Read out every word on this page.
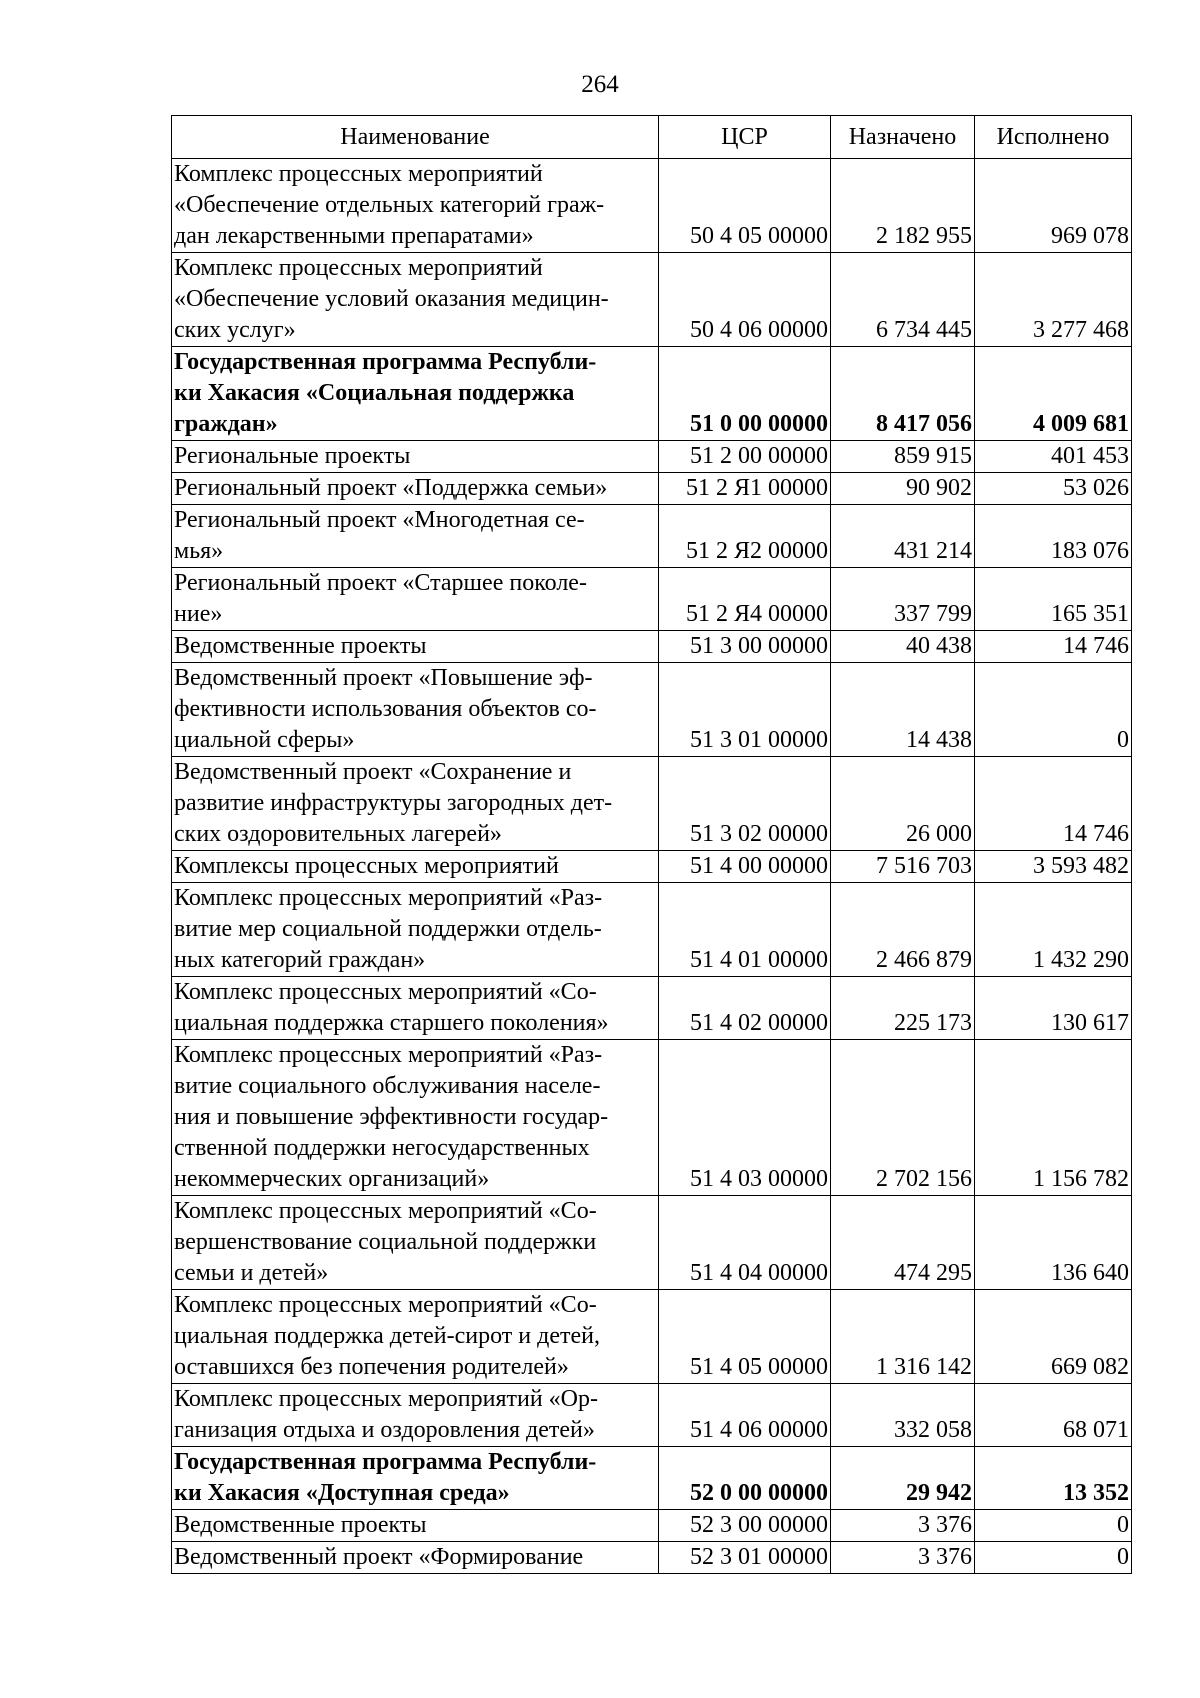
264
Наименование	ЦСР	Назначено	Исполнено

Комплекс процессных мероприятий
«Обеспечение отдельных категорий граж-
дан лекарственными препаратами»	50 4 05 00000	2 182 955	969 078

Комплекс процессных мероприятий
«Обеспечение условий оказания медицин-
ских услуг»	50 4 06 00000	6 734 445	3 277 468

Государственная программа Республи-
ки Хакасия «Социальная поддержка
граждан»	51 0 00 00000	8 417 056	4 009 681

Региональные проекты	51 2 00 00000	859 915	401 453

Региональный проект «Поддержка семьи»	51 2 Я1 00000	90 902	53 026

Региональный проект «Многодетная се-
мья»	51 2 Я2 00000	431 214	183 076

Региональный проект «Старшее поколе-
ние»	51 2 Я4 00000	337 799	165 351

Ведомственные проекты	51 3 00 00000	40 438	14 746

Ведомственный проект «Повышение эф-
фективности использования объектов со-
циальной сферы»	51 3 01 00000	14 438	0

Ведомственный проект «Сохранение и
развитие инфраструктуры загородных дет-
ских оздоровительных лагерей»	51 3 02 00000	26 000	14 746

Комплексы процессных мероприятий	51 4 00 00000	7 516 703	3 593 482

Комплекс процессных мероприятий «Раз-
витие мер социальной поддержки отдель-
ных категорий граждан»	51 4 01 00000	2 466 879	1 432 290

Комплекс процессных мероприятий «Со-
циальная поддержка старшего поколения»	51 4 02 00000	225 173	130 617

Комплекс процессных мероприятий «Раз-
витие социального обслуживания населе-
ния и повышение эффективности государ-
ственной поддержки негосударственных
некоммерческих организаций»	51 4 03 00000	2 702 156	1 156 782

Комплекс процессных мероприятий «Со-
вершенствование социальной поддержки
семьи и детей»	51 4 04 00000	474 295	136 640

Комплекс процессных мероприятий «Со-
циальная поддержка детей-сирот и детей,
оставшихся без попечения родителей»	51 4 05 00000	1 316 142	669 082

Комплекс процессных мероприятий «Ор-
ганизация отдыха и оздоровления детей»	51 4 06 00000	332 058	68 071

Государственная программа Республи-
ки Хакасия «Доступная среда»	52 0 00 00000	29 942	13 352

Ведомственные проекты	52 3 00 00000	3 376	0

Ведомственный проект «Формирование	52 3 01 00000	3 376	0
